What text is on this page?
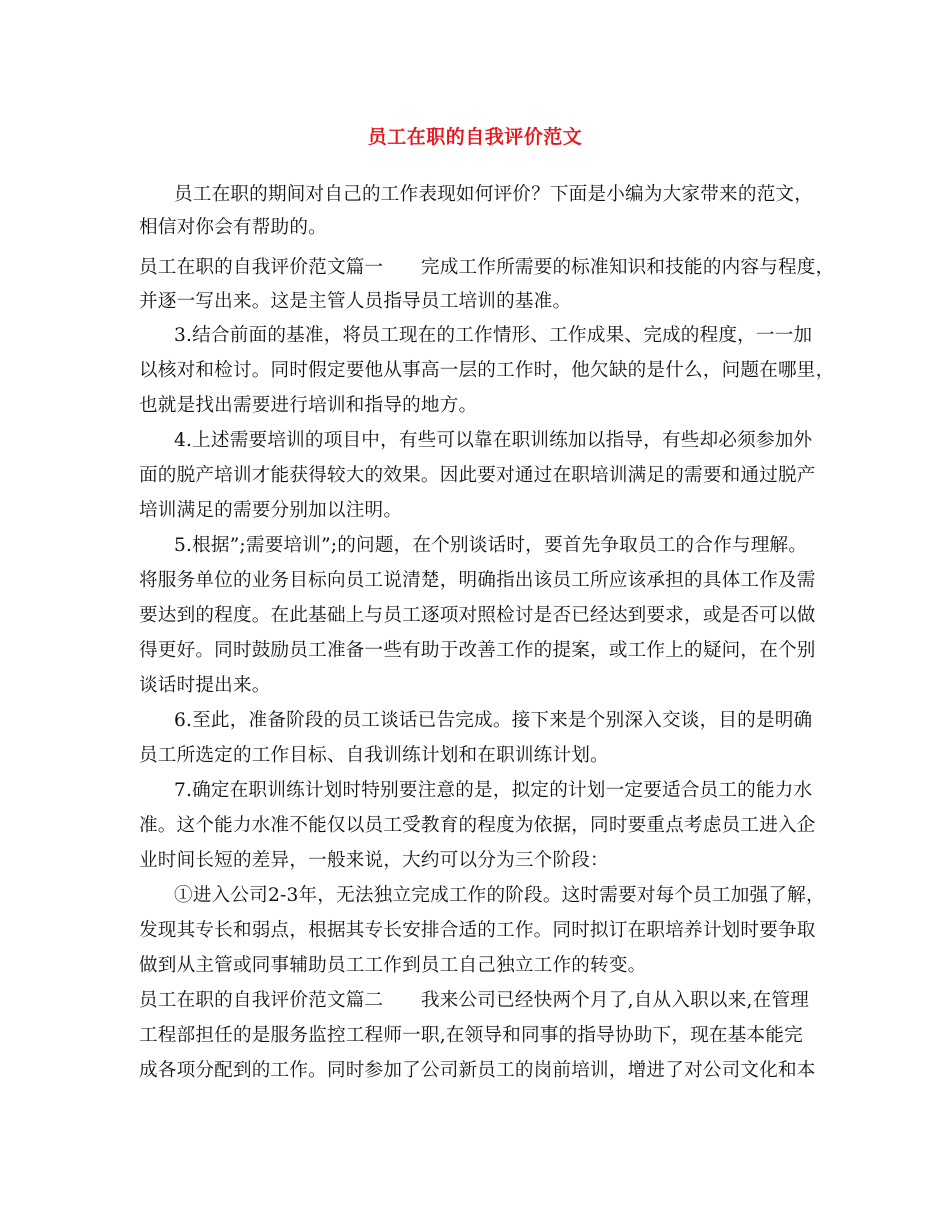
员工在职的自我评价范文
员工在职的期间对自己的工作表现如何评价？下面是小编为大家带来的范文，
相信对你会有帮助的。
员工在职的自我评价范文篇一　　完成工作所需要的标准知识和技能的内容与程度，
并逐一写出来。这是主管人员指导员工培训的基准。
3.结合前面的基准，将员工现在的工作情形、工作成果、完成的程度，一一加
以核对和检讨。同时假定要他从事高一层的工作时，他欠缺的是什么，问题在哪里，
也就是找出需要进行培训和指导的地方。
4.上述需要培训的项目中，有些可以靠在职训练加以指导，有些却必须参加外
面的脱产培训才能获得较大的效果。因此要对通过在职培训满足的需要和通过脱产
培训满足的需要分别加以注明。
5.根据”;需要培训”;的问题，在个别谈话时，要首先争取员工的合作与理解。
将服务单位的业务目标向员工说清楚，明确指出该员工所应该承担的具体工作及需
要达到的程度。在此基础上与员工逐项对照检讨是否已经达到要求，或是否可以做
得更好。同时鼓励员工准备一些有助于改善工作的提案，或工作上的疑问，在个别
谈话时提出来。
6.至此，准备阶段的员工谈话已告完成。接下来是个别深入交谈，目的是明确
员工所选定的工作目标、自我训练计划和在职训练计划。
7.确定在职训练计划时特别要注意的是，拟定的计划一定要适合员工的能力水
准。这个能力水准不能仅以员工受教育的程度为依据，同时要重点考虑员工进入企
业时间长短的差异，一般来说，大约可以分为三个阶段：
①进入公司2-3年，无法独立完成工作的阶段。这时需要对每个员工加强了解，
发现其专长和弱点，根据其专长安排合适的工作。同时拟订在职培养计划时要争取
做到从主管或同事辅助员工工作到员工自己独立工作的转变。
员工在职的自我评价范文篇二　　我来公司已经快两个月了,自从入职以来,在管理
工程部担任的是服务监控工程师一职,在领导和同事的指导协助下，现在基本能完
成各项分配到的工作。同时参加了公司新员工的岗前培训，增进了对公司文化和本
